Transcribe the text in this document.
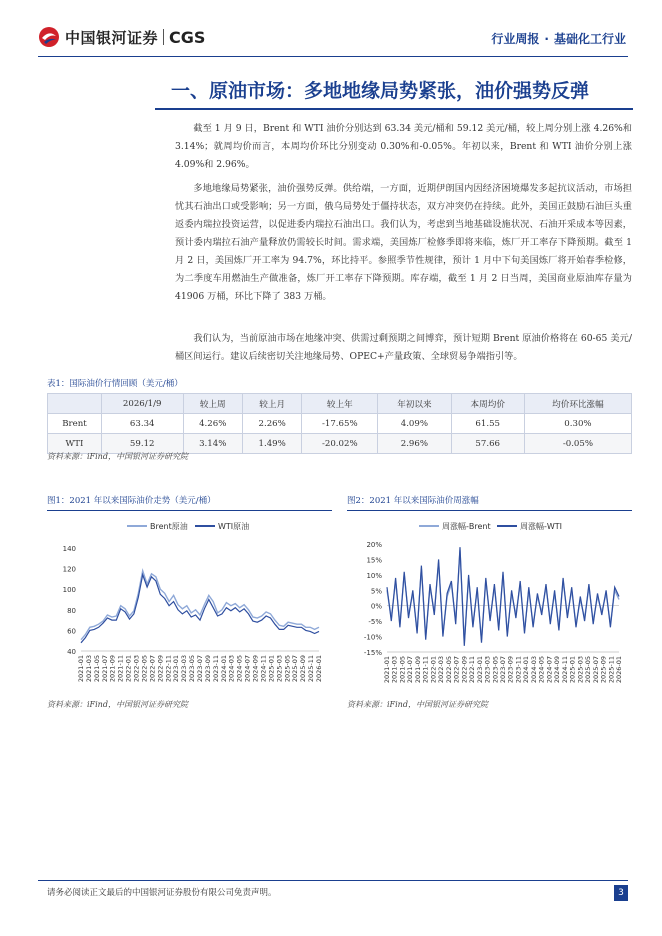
中国银河证券 CGS	行业周报 · 基础化工行业
一、原油市场：多地地缘局势紧张，油价强势反弹
截至 1 月 9 日，Brent 和 WTI 油价分别达到 63.34 美元/桶和 59.12 美元/桶，较上周分别上涨 4.26%和 3.14%；就周均价而言，本周均价环比分别变动 0.30%和-0.05%。年初以来，Brent 和 WTI 油价分别上涨 4.09%和 2.96%。
多地地缘局势紧张，油价强势反弹。供给端，一方面，近期伊朗国内因经济困境爆发多起抗议活动，市场担忧其石油出口或受影响；另一方面，俄乌局势处于僵持状态，双方冲突仍在持续。此外，美国正鼓励石油巨头重返委内瑞拉投资运营，以促进委内瑞拉石油出口。我们认为，考虑到当地基础设施状况、石油开采成本等因素，预计委内瑞拉石油产量释放仍需较长时间。需求端，美国炼厂检修季即将来临，炼厂开工率存下降预期。截至 1 月 2 日，美国炼厂开工率为 94.7%，环比持平。参照季节性规律，预计 1 月中下旬美国炼厂将开始春季检修，为二季度车用燃油生产做准备，炼厂开工率存下降预期。库存端，截至 1 月 2 日当周，美国商业原油库存量为 41906 万桶，环比下降了 383 万桶。
我们认为，当前原油市场在地缘冲突、供需过剩预期之间博弈，预计短期 Brent 原油价格将在 60-65 美元/桶区间运行。建议后续密切关注地缘局势、OPEC+产量政策、全球贸易争端指引等。
表1：国际油价行情回顾（美元/桶）
	2026/1/9	较上周	较上月	较上年	年初以来	本周均价	均价环比涨幅
Brent	63.34	4.26%	2.26%	-17.65%	4.09%	61.55	0.30%
WTI	59.12	3.14%	1.49%	-20.02%	2.96%	57.66	-0.05%
资料来源：iFind，中国银河证券研究院
图1：2021 年以来国际油价走势（美元/桶）
Brent原油	WTI原油
140
120
100
80
60
40
2021-01 2021-03 2021-05 2021-07 2021-09 2021-11 2022-01 2022-03 2022-05 2022-07 2022-09 2022-11 2023-01 2023-03 2023-05 2023-07 2023-09 2023-11 2024-01 2024-03 2024-05 2024-07 2024-09 2024-11 2025-01 2025-03 2025-05 2025-07 2025-09 2025-11 2026-01
资料来源：iFind，中国银河证券研究院
图2：2021 年以来国际油价周涨幅
周涨幅-Brent	周涨幅-WTI
20%
15%
10%
5%
0%
-5%
-10%
-15%
2021-01 2021-03 2021-05 2021-07 2021-09 2021-11 2022-01 2022-03 2022-05 2022-07 2022-09 2022-11 2023-01 2023-03 2023-05 2023-07 2023-09 2023-11 2024-01 2024-03 2024-05 2024-07 2024-09 2024-11 2025-01 2025-03 2025-05 2025-07 2025-09 2025-11 2026-01
资料来源：iFind，中国银河证券研究院
请务必阅读正文最后的中国银河证券股份有限公司免责声明。	3
